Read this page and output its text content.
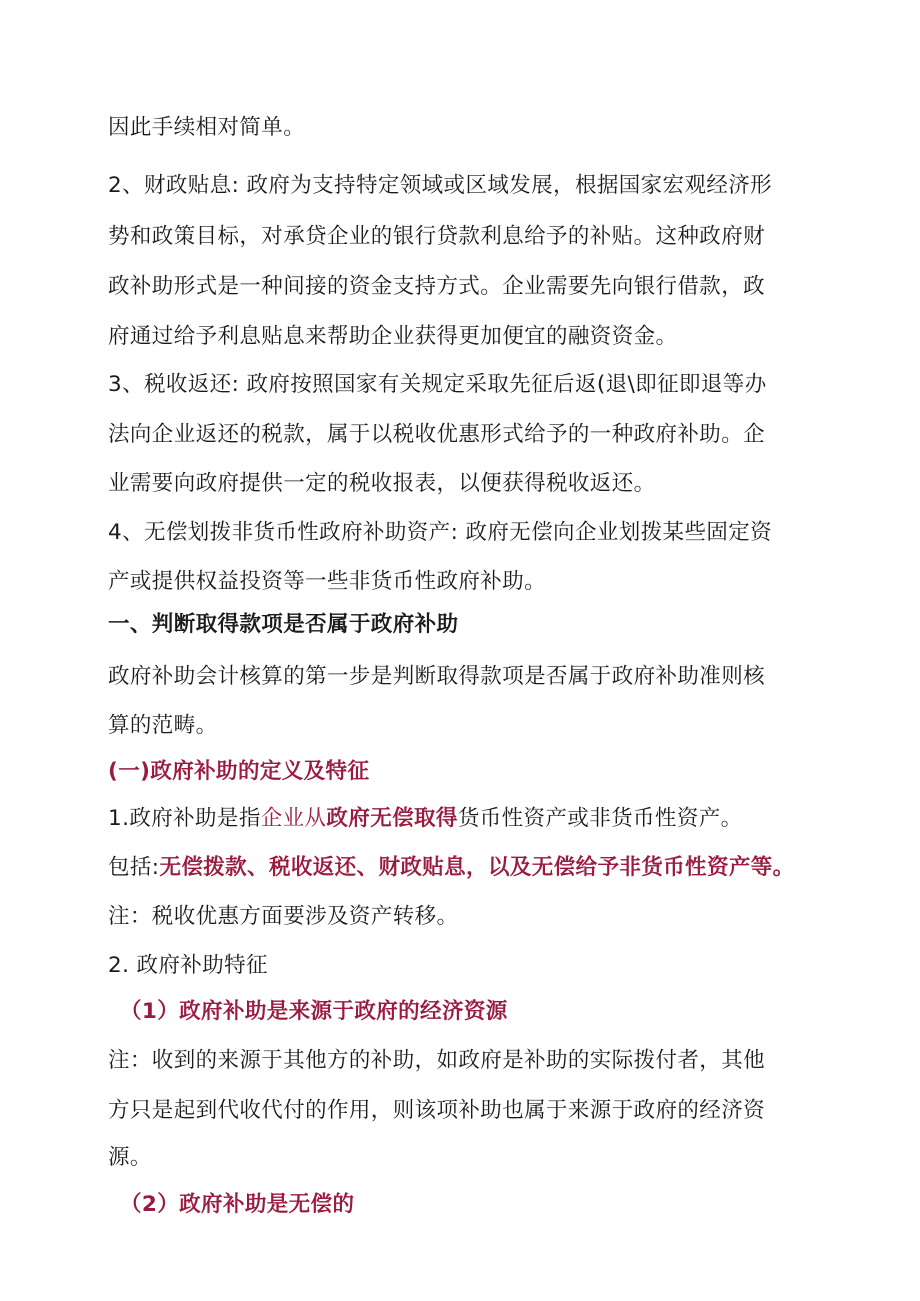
因此手续相对简单。
2、财政贴息: 政府为支持特定领域或区域发展，根据国家宏观经济形
势和政策目标，对承贷企业的银行贷款利息给予的补贴。这种政府财
政补助形式是一种间接的资金支持方式。企业需要先向银行借款，政
府通过给予利息贴息来帮助企业获得更加便宜的融资资金。
3、税收返还: 政府按照国家有关规定采取先征后返(退\即征即退等办
法向企业返还的税款，属于以税收优惠形式给予的一种政府补助。企
业需要向政府提供一定的税收报表，以便获得税收返还。
4、无偿划拨非货币性政府补助资产: 政府无偿向企业划拨某些固定资
产或提供权益投资等一些非货币性政府补助。
一、判断取得款项是否属于政府补助
政府补助会计核算的第一步是判断取得款项是否属于政府补助准则核
算的范畴。
(一)政府补助的定义及特征
1.政府补助是指企业从政府无偿取得货币性资产或非货币性资产。
包括:无偿拨款、税收返还、财政贴息，以及无偿给予非货币性资产等。
注：税收优惠方面要涉及资产转移。
2. 政府补助特征
（1）政府补助是来源于政府的经济资源
注：收到的来源于其他方的补助，如政府是补助的实际拨付者，其他
方只是起到代收代付的作用，则该项补助也属于来源于政府的经济资
源。
（2）政府补助是无偿的
